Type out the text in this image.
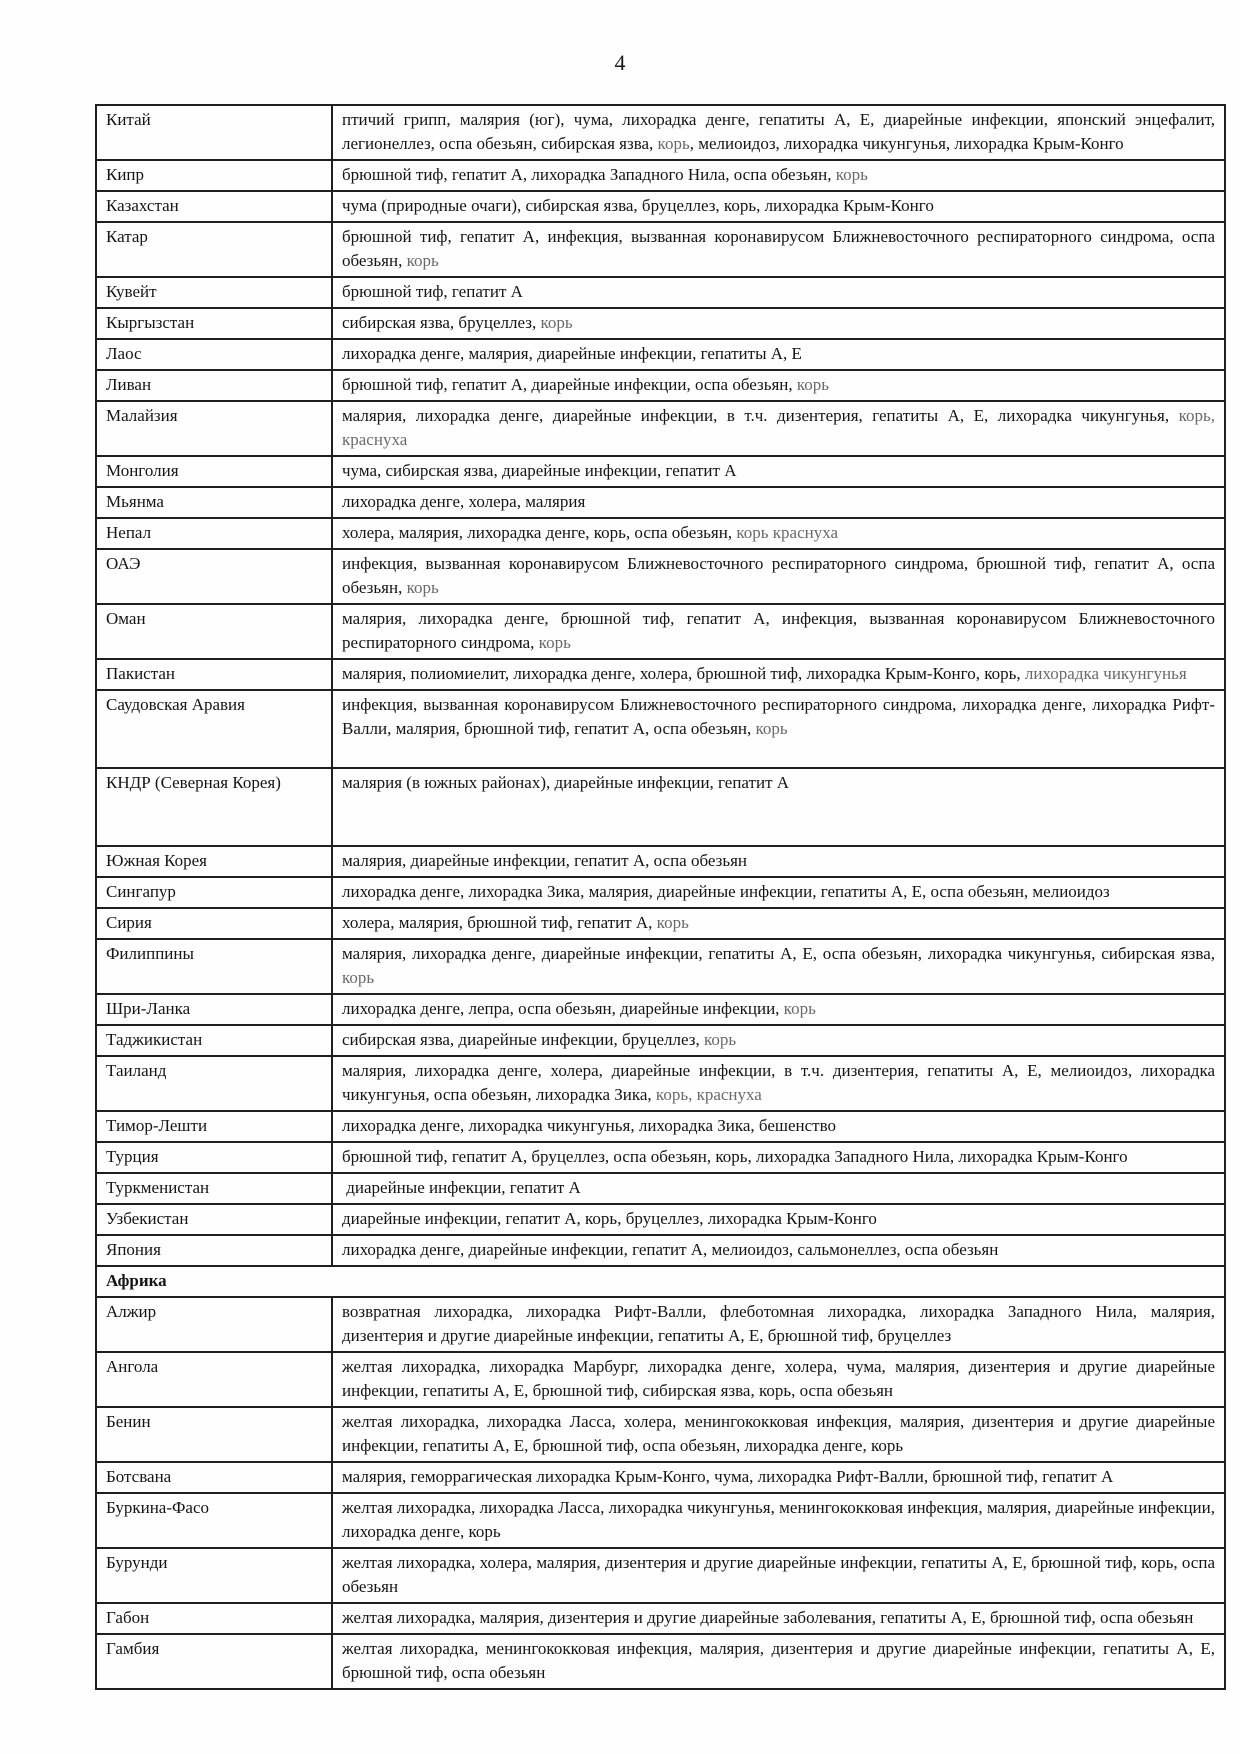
4
Китай	птичий грипп, малярия (юг), чума, лихорадка денге, гепатиты А, Е, диарейные инфекции, японский энцефалит, легионеллез, оспа обезьян, сибирская язва, корь, мелиоидоз, лихорадка чикунгунья, лихорадка Крым-Конго
Кипр	брюшной тиф, гепатит А, лихорадка Западного Нила, оспа обезьян, корь
Казахстан	чума (природные очаги), сибирская язва, бруцеллез, корь, лихорадка Крым-Конго
Катар	брюшной тиф, гепатит А, инфекция, вызванная коронавирусом Ближневосточного респираторного синдрома, оспа обезьян, корь
Кувейт	брюшной тиф, гепатит А
Кыргызстан	сибирская язва, бруцеллез, корь
Лаос	лихорадка денге, малярия, диарейные инфекции, гепатиты А, Е
Ливан	брюшной тиф, гепатит А, диарейные инфекции, оспа обезьян, корь
Малайзия	малярия, лихорадка денге, диарейные инфекции, в т.ч. дизентерия, гепатиты А, Е, лихорадка чикунгунья, корь, краснуха
Монголия	чума, сибирская язва, диарейные инфекции, гепатит А
Мьянма	лихорадка денге, холера, малярия
Непал	холера, малярия, лихорадка денге, корь, оспа обезьян, корь краснуха
ОАЭ	инфекция, вызванная коронавирусом Ближневосточного респираторного синдрома, брюшной тиф, гепатит А, оспа обезьян, корь
Оман	малярия, лихорадка денге, брюшной тиф, гепатит А, инфекция, вызванная коронавирусом Ближневосточного респираторного синдрома, корь
Пакистан	малярия, полиомиелит, лихорадка денге, холера, брюшной тиф, лихорадка Крым-Конго, корь, лихорадка чикунгунья
Саудовская Аравия	инфекция, вызванная коронавирусом Ближневосточного респираторного синдрома, лихорадка денге, лихорадка Рифт-Валли, малярия, брюшной тиф, гепатит А, оспа обезьян, корь
КНДР (Северная Корея)	малярия (в южных районах), диарейные инфекции, гепатит А
Южная Корея	малярия, диарейные инфекции, гепатит А, оспа обезьян
Сингапур	лихорадка денге, лихорадка Зика, малярия, диарейные инфекции, гепатиты А, Е, оспа обезьян, мелиоидоз
Сирия	холера, малярия, брюшной тиф, гепатит А, корь
Филиппины	малярия, лихорадка денге, диарейные инфекции, гепатиты А, Е, оспа обезьян, лихорадка чикунгунья, сибирская язва, корь
Шри-Ланка	лихорадка денге, лепра, оспа обезьян, диарейные инфекции, корь
Таджикистан	сибирская язва, диарейные инфекции, бруцеллез, корь
Таиланд	малярия, лихорадка денге, холера, диарейные инфекции, в т.ч. дизентерия, гепатиты А, Е, мелиоидоз, лихорадка чикунгунья, оспа обезьян, лихорадка Зика, корь, краснуха
Тимор-Лешти	лихорадка денге, лихорадка чикунгунья, лихорадка Зика, бешенство
Турция	брюшной тиф, гепатит А, бруцеллез, оспа обезьян, корь, лихорадка Западного Нила, лихорадка Крым-Конго
Туркменистан	диарейные инфекции, гепатит А
Узбекистан	диарейные инфекции, гепатит А, корь, бруцеллез, лихорадка Крым-Конго
Япония	лихорадка денге, диарейные инфекции, гепатит А, мелиоидоз, сальмонеллез, оспа обезьян
Африка	
Алжир	возвратная лихорадка, лихорадка Рифт-Валли, флеботомная лихорадка, лихорадка Западного Нила, малярия, дизентерия и другие диарейные инфекции, гепатиты А, Е, брюшной тиф, бруцеллез
Ангола	желтая лихорадка, лихорадка Марбург, лихорадка денге, холера, чума, малярия, дизентерия и другие диарейные инфекции, гепатиты А, Е, брюшной тиф, сибирская язва, корь, оспа обезьян
Бенин	желтая лихорадка, лихорадка Ласса, холера, менингококковая инфекция, малярия, дизентерия и другие диарейные инфекции, гепатиты А, Е, брюшной тиф, оспа обезьян, лихорадка денге, корь
Ботсвана	малярия, геморрагическая лихорадка Крым-Конго, чума, лихорадка Рифт-Валли, брюшной тиф, гепатит А
Буркина-Фасо	желтая лихорадка, лихорадка Ласса, лихорадка чикунгунья, менингококковая инфекция, малярия, диарейные инфекции, лихорадка денге, корь
Бурунди	желтая лихорадка, холера, малярия, дизентерия и другие диарейные инфекции, гепатиты А, Е, брюшной тиф, корь, оспа обезьян
Габон	желтая лихорадка, малярия, дизентерия и другие диарейные заболевания, гепатиты А, Е, брюшной тиф, оспа обезьян
Гамбия	желтая лихорадка, менингококковая инфекция, малярия, дизентерия и другие диарейные инфекции, гепатиты А, Е, брюшной тиф, оспа обезьян
